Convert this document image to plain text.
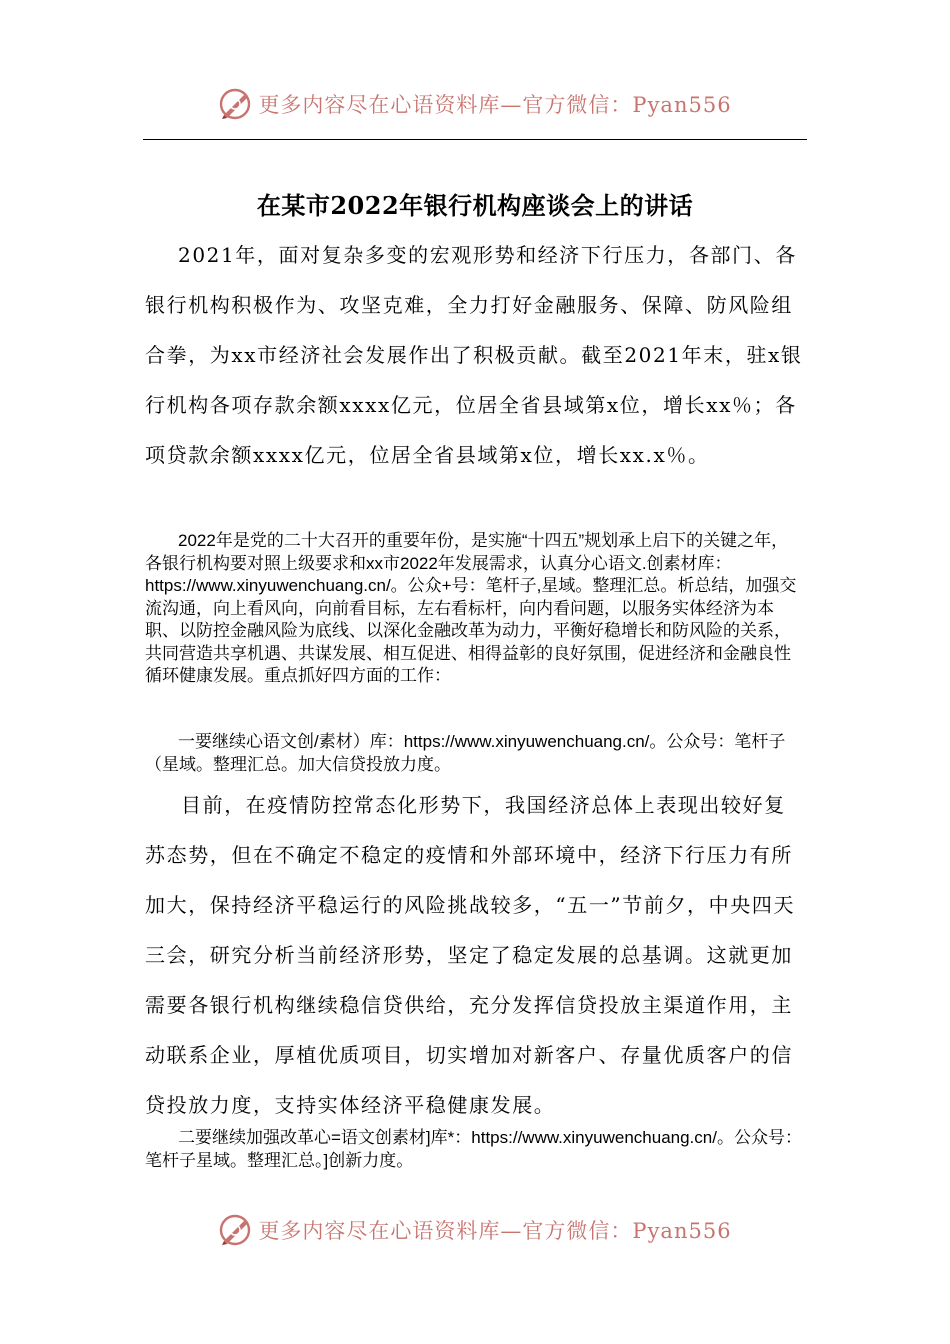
更多内容尽在心语资料库—官方微信：Pyan556
在某市2022年银行机构座谈会上的讲话

2021年，面对复杂多变的宏观形势和经济下行压力，各部门、各银行机构积极作为、攻坚克难，全力打好金融服务、保障、防风险组合拳，为xx市经济社会发展作出了积极贡献。截至2021年末，驻x银行机构各项存款余额xxxx亿元，位居全省县域第x位，增长xx％；各项贷款余额xxxx亿元，位居全省县域第x位，增长xx.x％。

2022年是党的二十大召开的重要年份，是实施“十四五”规划承上启下的关键之年，各银行机构要对照上级要求和xx市2022年发展需求，认真分心语文.创素材库：https://www.xinyuwenchuang.cn/。公众+号：笔杆子,星域。整理汇总。析总结，加强交流沟通，向上看风向，向前看目标，左右看标杆，向内看问题，以服务实体经济为本职、以防控金融风险为底线、以深化金融改革为动力，平衡好稳增长和防风险的关系，共同营造共享机遇、共谋发展、相互促进、相得益彰的良好氛围，促进经济和金融良性循环健康发展。重点抓好四方面的工作：

一要继续心语文创/素材）库：https://www.xinyuwenchuang.cn/。公众号：笔杆子（星域。整理汇总。加大信贷投放力度。

目前，在疫情防控常态化形势下，我国经济总体上表现出较好复苏态势，但在不确定不稳定的疫情和外部环境中，经济下行压力有所加大，保持经济平稳运行的风险挑战较多，“五一”节前夕，中央四天三会，研究分析当前经济形势，坚定了稳定发展的总基调。这就更加需要各银行机构继续稳信贷供给，充分发挥信贷投放主渠道作用，主动联系企业，厚植优质项目，切实增加对新客户、存量优质客户的信贷投放力度，支持实体经济平稳健康发展。

二要继续加强改革心=语文创素材]库*：https://www.xinyuwenchuang.cn/。公众号：笔杆子星域。整理汇总。]创新力度。

更多内容尽在心语资料库—官方微信：Pyan556
